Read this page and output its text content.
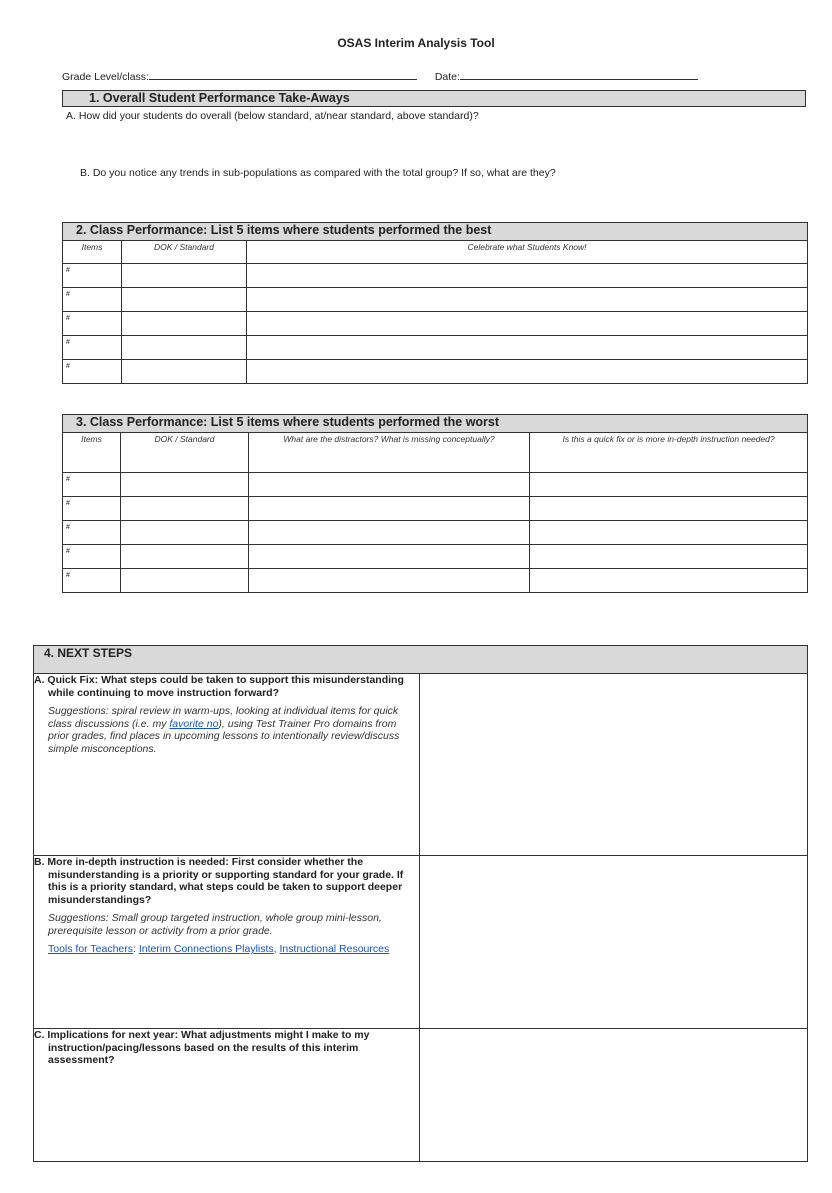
OSAS Interim Analysis Tool
Grade Level/class:	Date:
1. Overall Student Performance Take-Aways
A. How did your students do overall (below standard, at/near standard, above standard)?
B. Do you notice any trends in sub-populations as compared with the total group? If so, what are they?
2. Class Performance: List 5 items where students performed the best		
Items	DOK / Standard	Celebrate what Students Know!
#		
#		
#		
#		
#		
3. Class Performance: List 5 items where students performed the worst			
Items	DOK / Standard	What are the distractors? What is missing conceptually?	Is this a quick fix or is more in-depth instruction needed?
#			
#			
#			
#			
#			
4. NEXT STEPS	

A. Quick Fix: What steps could be taken to support this misunderstanding while continuing to move instruction forward?

Suggestions: spiral review in warm-ups, looking at individual items for quick class discussions (i.e. my favorite no), using Test Trainer Pro domains from prior grades, find places in upcoming lessons to intentionally review/discuss simple misconceptions.	

B. More in-depth instruction is needed: First consider whether the misunderstanding is a priority or supporting standard for your grade. If this is a priority standard, what steps could be taken to support deeper misunderstandings?

Suggestions: Small group targeted instruction, whole group mini-lesson, prerequisite lesson or activity from a prior grade.

Tools for Teachers: Interim Connections Playlists, Instructional Resources	

C. Implications for next year: What adjustments might I make to my instruction/pacing/lessons based on the results of this interim assessment?	
